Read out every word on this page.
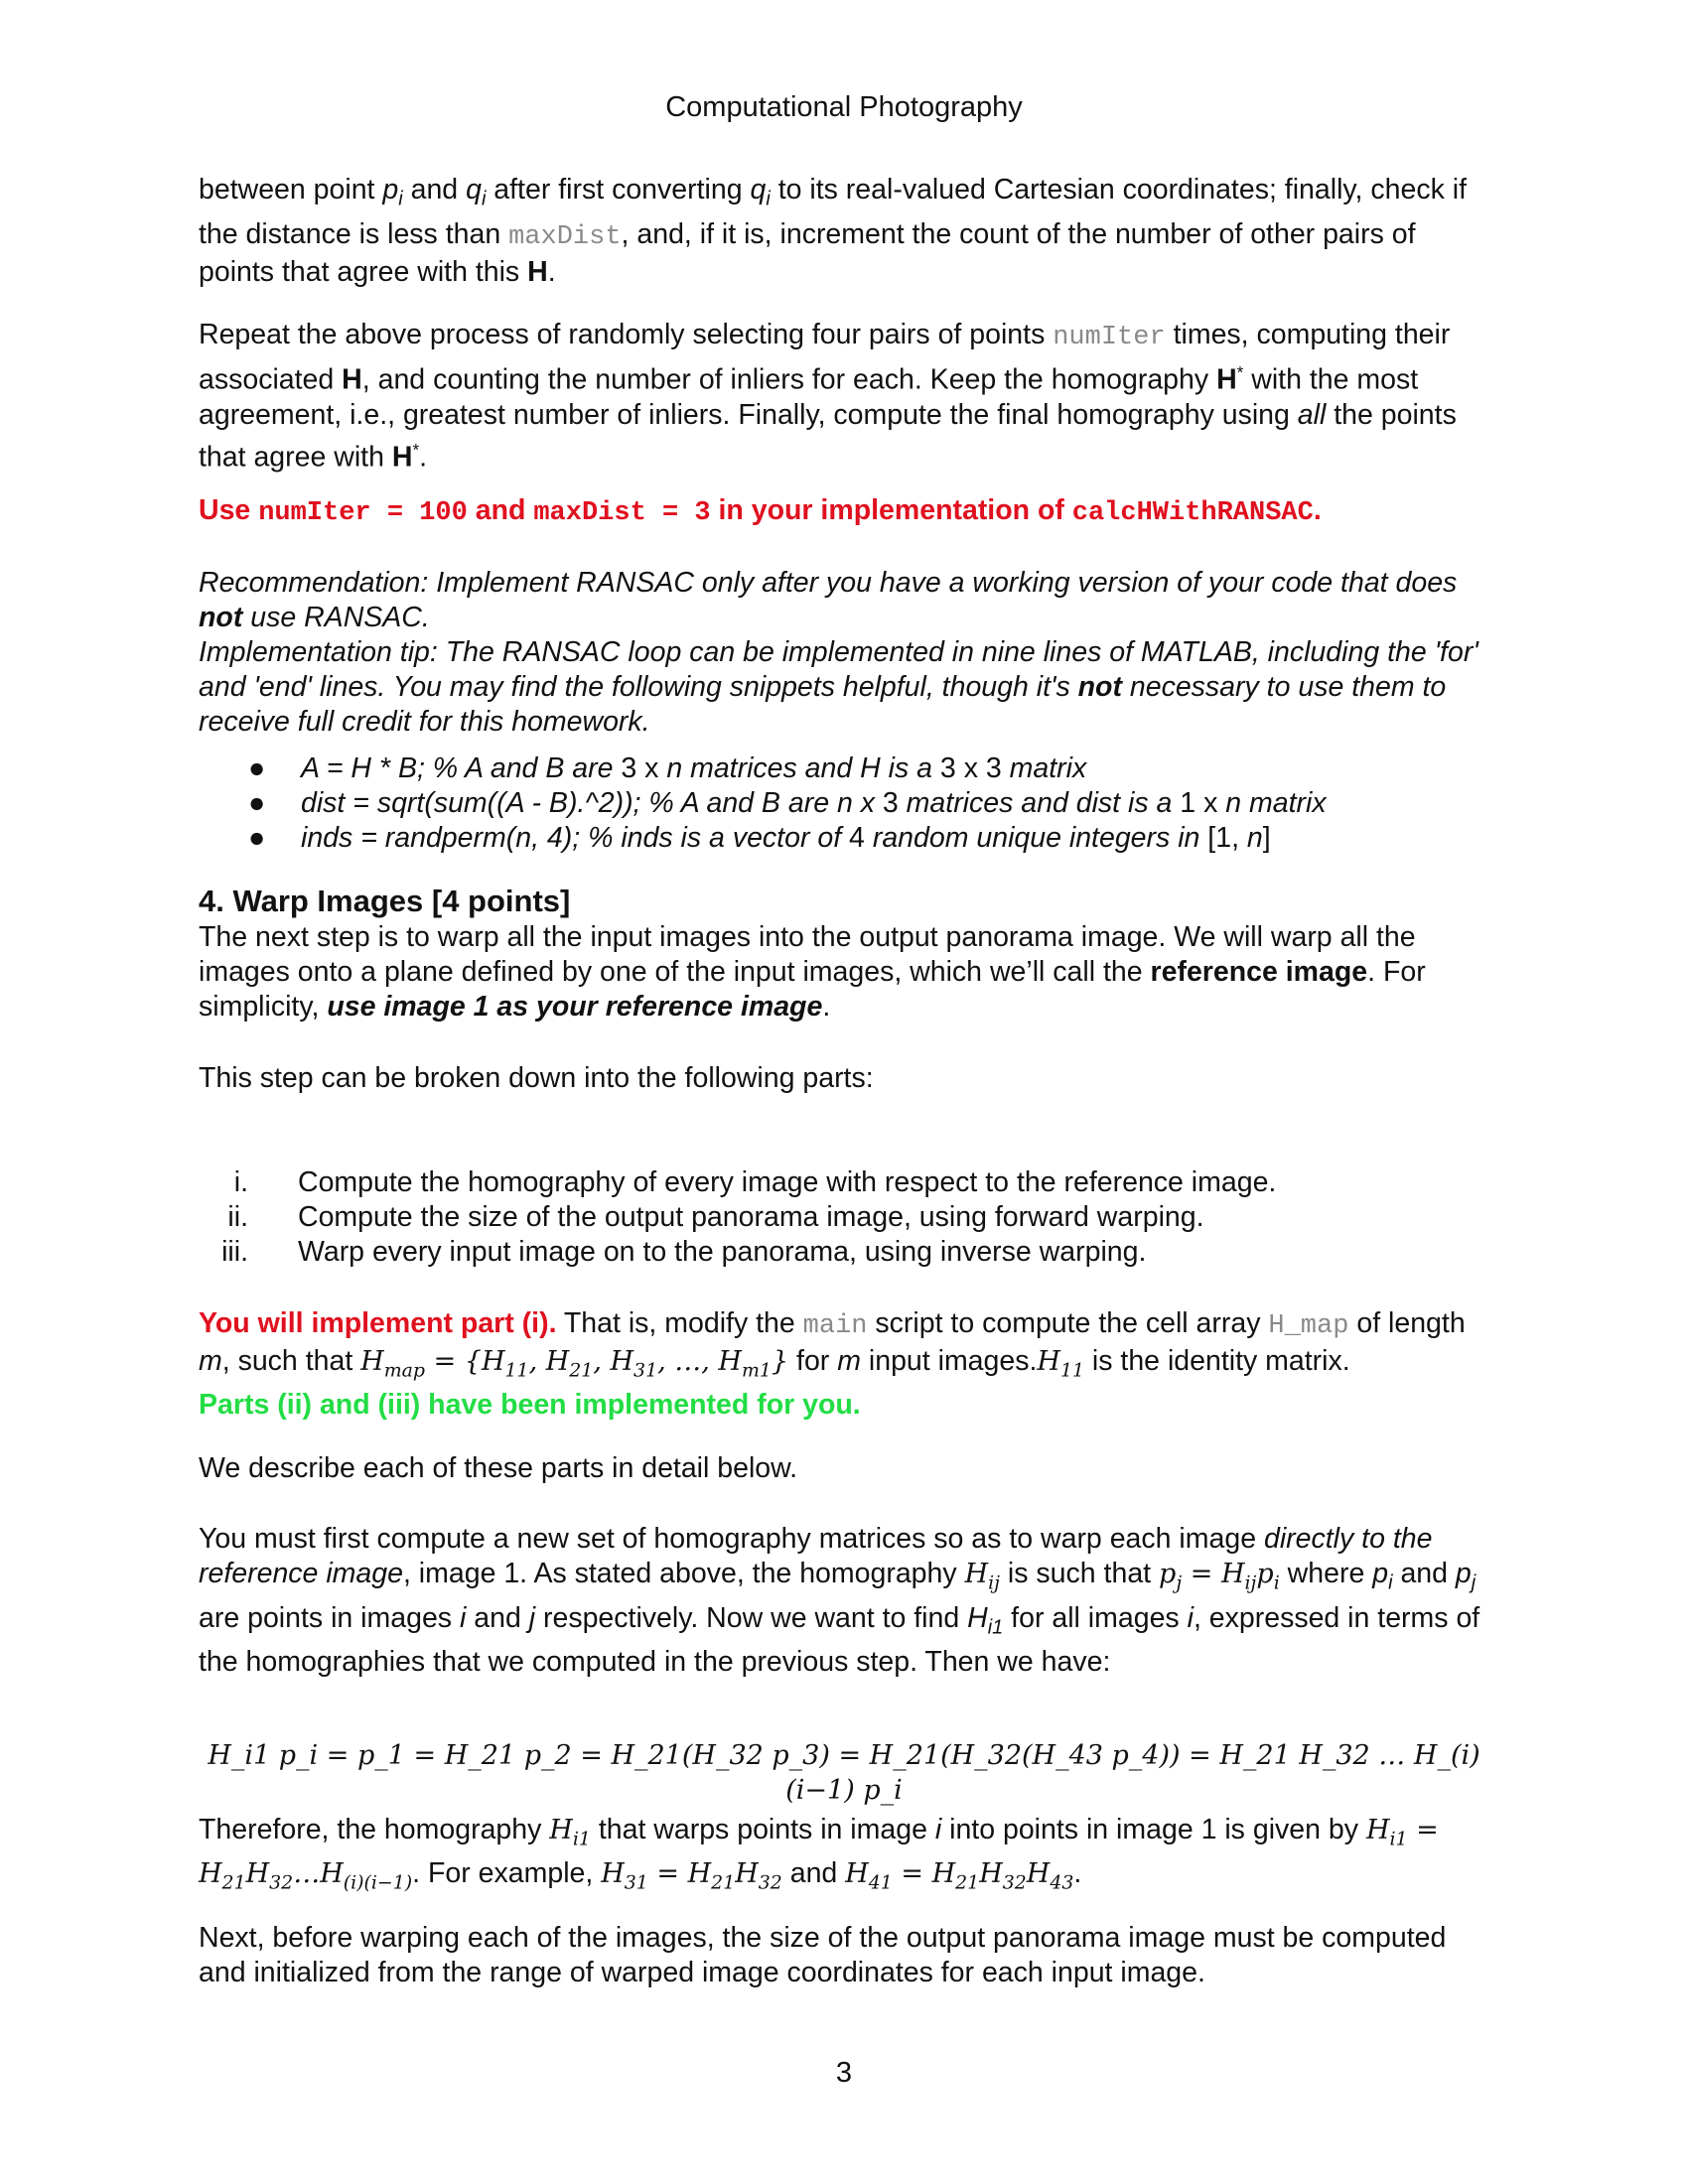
Computational Photography
between point $p_i$ and $q_i$ after first converting $q_i$ to its real-valued Cartesian coordinates; finally, check if the distance is less than maxDist, and, if it is, increment the count of the number of other pairs of points that agree with this H.
Repeat the above process of randomly selecting four pairs of points numIter times, computing their associated H, and counting the number of inliers for each. Keep the homography H* with the most agreement, i.e., greatest number of inliers. Finally, compute the final homography using all the points that agree with H*.
Use numIter = 100 and maxDist = 3 in your implementation of calcHWithRANSAC.

Recommendation: Implement RANSAC only after you have a working version of your code that does not use RANSAC.

Implementation tip: The RANSAC loop can be implemented in nine lines of MATLAB, including the 'for' and 'end' lines. You may find the following snippets helpful, though it's not necessary to use them to receive full credit for this homework.

● A = H * B; % A and B are 3 x n matrices and H is a 3 x 3 matrix
● dist = sqrt(sum((A - B).^2)); % A and B are n x 3 matrices and dist is a 1 x n matrix
● inds = randperm(n, 4); % inds is a vector of 4 random unique integers in [1, n]
4. Warp Images [4 points]
The next step is to warp all the input images into the output panorama image. We will warp all the images onto a plane defined by one of the input images, which we’ll call the reference image. For simplicity, use image 1 as your reference image.
This step can be broken down into the following parts:
i. Compute the homography of every image with respect to the reference image.
ii. Compute the size of the output panorama image, using forward warping.
iii. Warp every input image on to the panorama, using inverse warping.
You will implement part (i). That is, modify the main script to compute the cell array H_map of length m, such that $H_{map} = \{H_{11}$, $H_{21}$, $H_{31}$, …, $H_{m1}$} for m input $images.H_{11}$ is the identity matrix.
Parts (ii) and (iii) have been implemented for you.
We describe each of these parts in detail below.
You must first compute a new set of homography matrices so as to warp each image directly to the reference image, image 1. As stated above, the homography $H_{ij}$ is such that $p_j = H_{ij}p_i$ where $p_i$ and $p_j$ are points in images i and j respectively. Now we want to find $H_{i1}$ for all images i, expressed in terms of the homographies that we computed in the previous step. Then we have:
H_i1 p_i = p_1 = H_21 p_2 = H_21(H_32 p_3) = H_21(H_32(H_43 p_4)) = H_21 H_32 … H_(i)(i−1) p_i
Therefore, the homography $H_{i1}$ that warps points in image i into points in image 1 is given by $H_{i1}$ = $H_{21}H_{32}\dots H_{(i)(i-1)}$. For example, $H_{31} = H_{21}H_{32}$ and $H_{41} = H_{21}H_{32}H_{43}$.
Next, before warping each of the images, the size of the output panorama image must be computed and initialized from the range of warped image coordinates for each input image.
3
